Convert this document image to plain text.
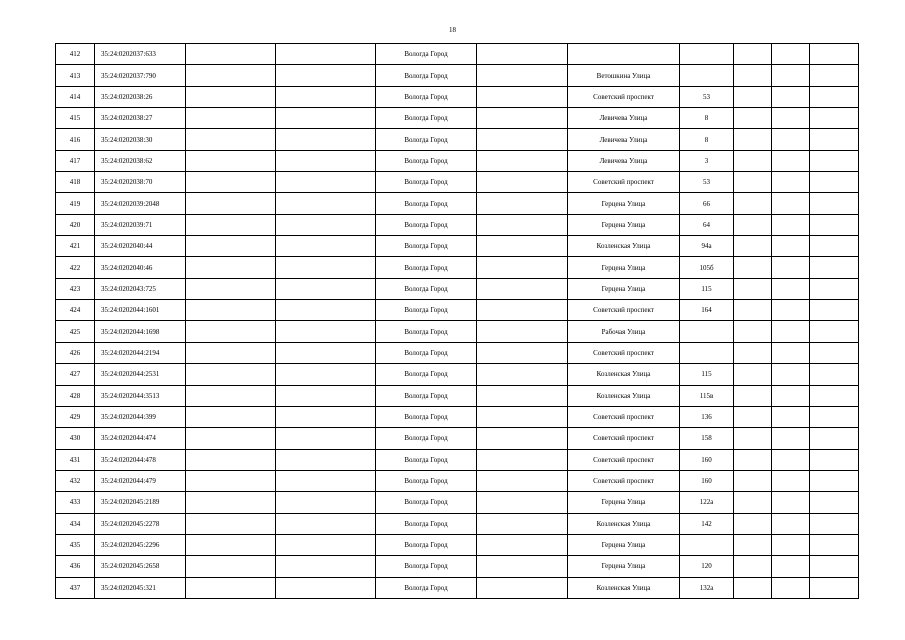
18
412	35:24:0202037:633			Вологда Город						
413	35:24:0202037:790			Вологда Город		Ветошкина Улица				
414	35:24:0202038:26			Вологда Город		Советский проспект	53			
415	35:24:0202038:27			Вологда Город		Левичева Улица	8			
416	35:24:0202038:30			Вологда Город		Левичева Улица	8			
417	35:24:0202038:62			Вологда Город		Левичева Улица	3			
418	35:24:0202038:70			Вологда Город		Советский проспект	53			
419	35:24:0202039:2048			Вологда Город		Герцена Улица	66			
420	35:24:0202039:71			Вологда Город		Герцена Улица	64			
421	35:24:0202040:44			Вологда Город		Козленская Улица	94а			
422	35:24:0202040:46			Вологда Город		Герцена Улица	105б			
423	35:24:0202043:725			Вологда Город		Герцена Улица	115			
424	35:24:0202044:1601			Вологда Город		Советский проспект	164			
425	35:24:0202044:1698			Вологда Город		Рабочая Улица				
426	35:24:0202044:2194			Вологда Город		Советский проспект				
427	35:24:0202044:2531			Вологда Город		Козленская Улица	115			
428	35:24:0202044:3513			Вологда Город		Козленская Улица	115в			
429	35:24:0202044:399			Вологда Город		Советский проспект	136			
430	35:24:0202044:474			Вологда Город		Советский проспект	158			
431	35:24:0202044:478			Вологда Город		Советский проспект	160			
432	35:24:0202044:479			Вологда Город		Советский проспект	160			
433	35:24:0202045:2189			Вологда Город		Герцена Улица	122а			
434	35:24:0202045:2278			Вологда Город		Козленская Улица	142			
435	35:24:0202045:2296			Вологда Город		Герцена Улица				
436	35:24:0202045:2658			Вологда Город		Герцена Улица	120			
437	35:24:0202045:321			Вологда Город		Козленская Улица	132а			
